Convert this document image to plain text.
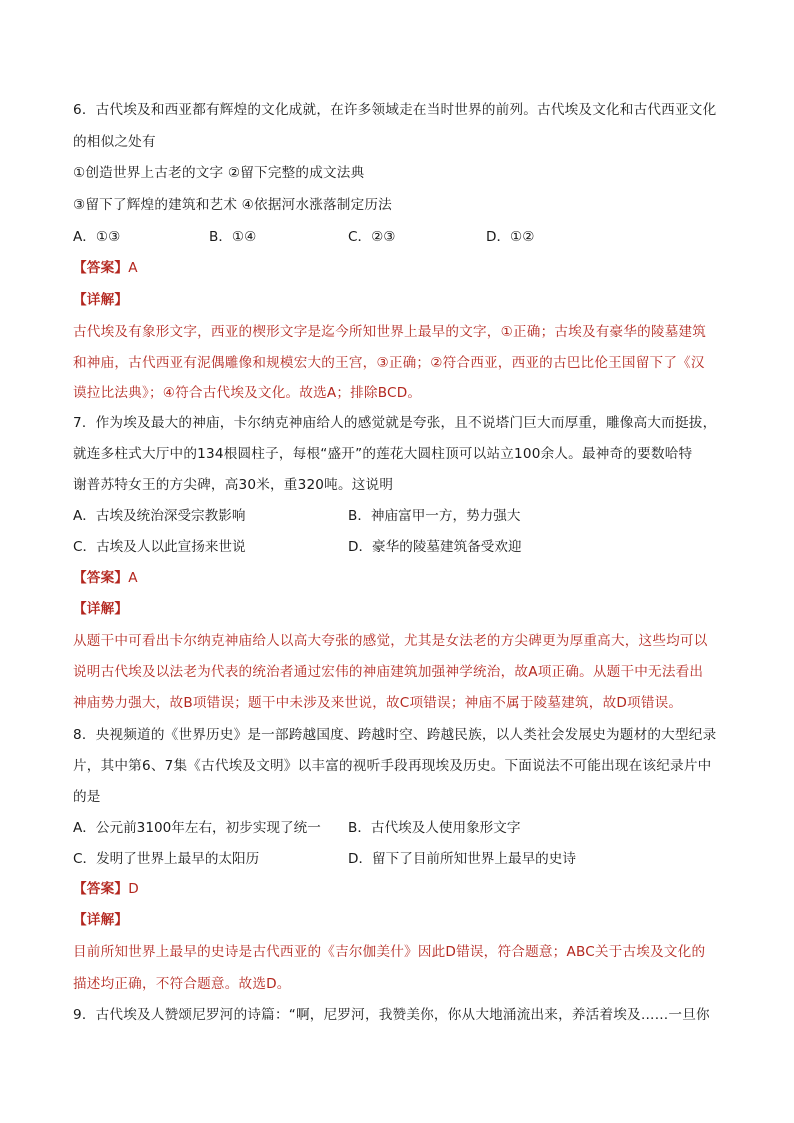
6．古代埃及和西亚都有辉煌的文化成就，在许多领域走在当时世界的前列。古代埃及文化和古代西亚文化
的相似之处有
①创造世界上古老的文字 ②留下完整的成文法典
③留下了辉煌的建筑和艺术 ④依据河水涨落制定历法
A．①③	B．①④	C．②③	D．①②
【答案】A
【详解】
古代埃及有象形文字，西亚的楔形文字是迄今所知世界上最早的文字，①正确；古埃及有豪华的陵墓建筑
和神庙，古代西亚有泥偶雕像和规模宏大的王宫，③正确；②符合西亚，西亚的古巴比伦王国留下了《汉
谟拉比法典》；④符合古代埃及文化。故选A；排除BCD。
7．作为埃及最大的神庙，卡尔纳克神庙给人的感觉就是夸张，且不说塔门巨大而厚重，雕像高大而挺拔，
就连多柱式大厅中的134根圆柱子，每根“盛开”的莲花大圆柱顶可以站立100余人。最神奇的要数哈特
谢普苏特女王的方尖碑，高30米，重320吨。这说明
A．古埃及统治深受宗教影响	B．神庙富甲一方，势力强大
C．古埃及人以此宣扬来世说	D．豪华的陵墓建筑备受欢迎
【答案】A
【详解】
从题干中可看出卡尔纳克神庙给人以高大夸张的感觉，尤其是女法老的方尖碑更为厚重高大，这些均可以
说明古代埃及以法老为代表的统治者通过宏伟的神庙建筑加强神学统治，故A项正确。从题干中无法看出
神庙势力强大，故B项错误；题干中未涉及来世说，故C项错误；神庙不属于陵墓建筑，故D项错误。
8．央视频道的《世界历史》是一部跨越国度、跨越时空、跨越民族，以人类社会发展史为题材的大型纪录
片，其中第6、7集《古代埃及文明》以丰富的视听手段再现埃及历史。下面说法不可能出现在该纪录片中
的是
A．公元前3100年左右，初步实现了统一 B．古代埃及人使用象形文字
C．发明了世界上最早的太阳历	D．留下了目前所知世界上最早的史诗
【答案】D
【详解】
目前所知世界上最早的史诗是古代西亚的《吉尔伽美什》因此D错误，符合题意；ABC关于古埃及文化的
描述均正确，不符合题意。故选D。
9．古代埃及人赞颂尼罗河的诗篇：“啊，尼罗河，我赞美你，你从大地涌流出来，养活着埃及……一旦你
